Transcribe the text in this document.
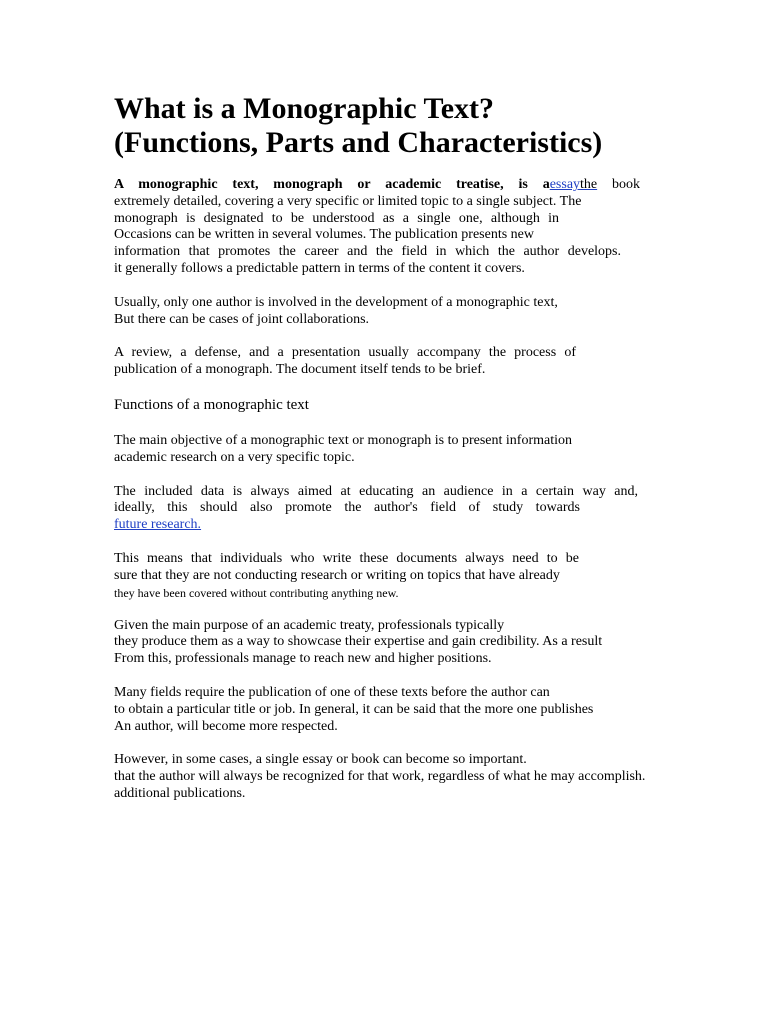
What is a Monographic Text?
(Functions, Parts and Characteristics)
A monographic text, monograph or academic treatise, is aessaythe book
extremely detailed, covering a very specific or limited topic to a single subject. The
monograph is designated to be understood as a single one, although in
Occasions can be written in several volumes. The publication presents new
information that promotes the career and the field in which the author develops.
it generally follows a predictable pattern in terms of the content it covers.
Usually, only one author is involved in the development of a monographic text,
But there can be cases of joint collaborations.
A review, a defense, and a presentation usually accompany the process of
publication of a monograph. The document itself tends to be brief.
Functions of a monographic text
The main objective of a monographic text or monograph is to present information
academic research on a very specific topic.
The included data is always aimed at educating an audience in a certain way and,
ideally, this should also promote the author's field of study towards
future research.
This means that individuals who write these documents always need to be
sure that they are not conducting research or writing on topics that have already
they have been covered without contributing anything new.
Given the main purpose of an academic treaty, professionals typically
they produce them as a way to showcase their expertise and gain credibility. As a result
From this, professionals manage to reach new and higher positions.
Many fields require the publication of one of these texts before the author can
to obtain a particular title or job. In general, it can be said that the more one publishes
An author, will become more respected.
However, in some cases, a single essay or book can become so important.
that the author will always be recognized for that work, regardless of what he may accomplish.
additional publications.
